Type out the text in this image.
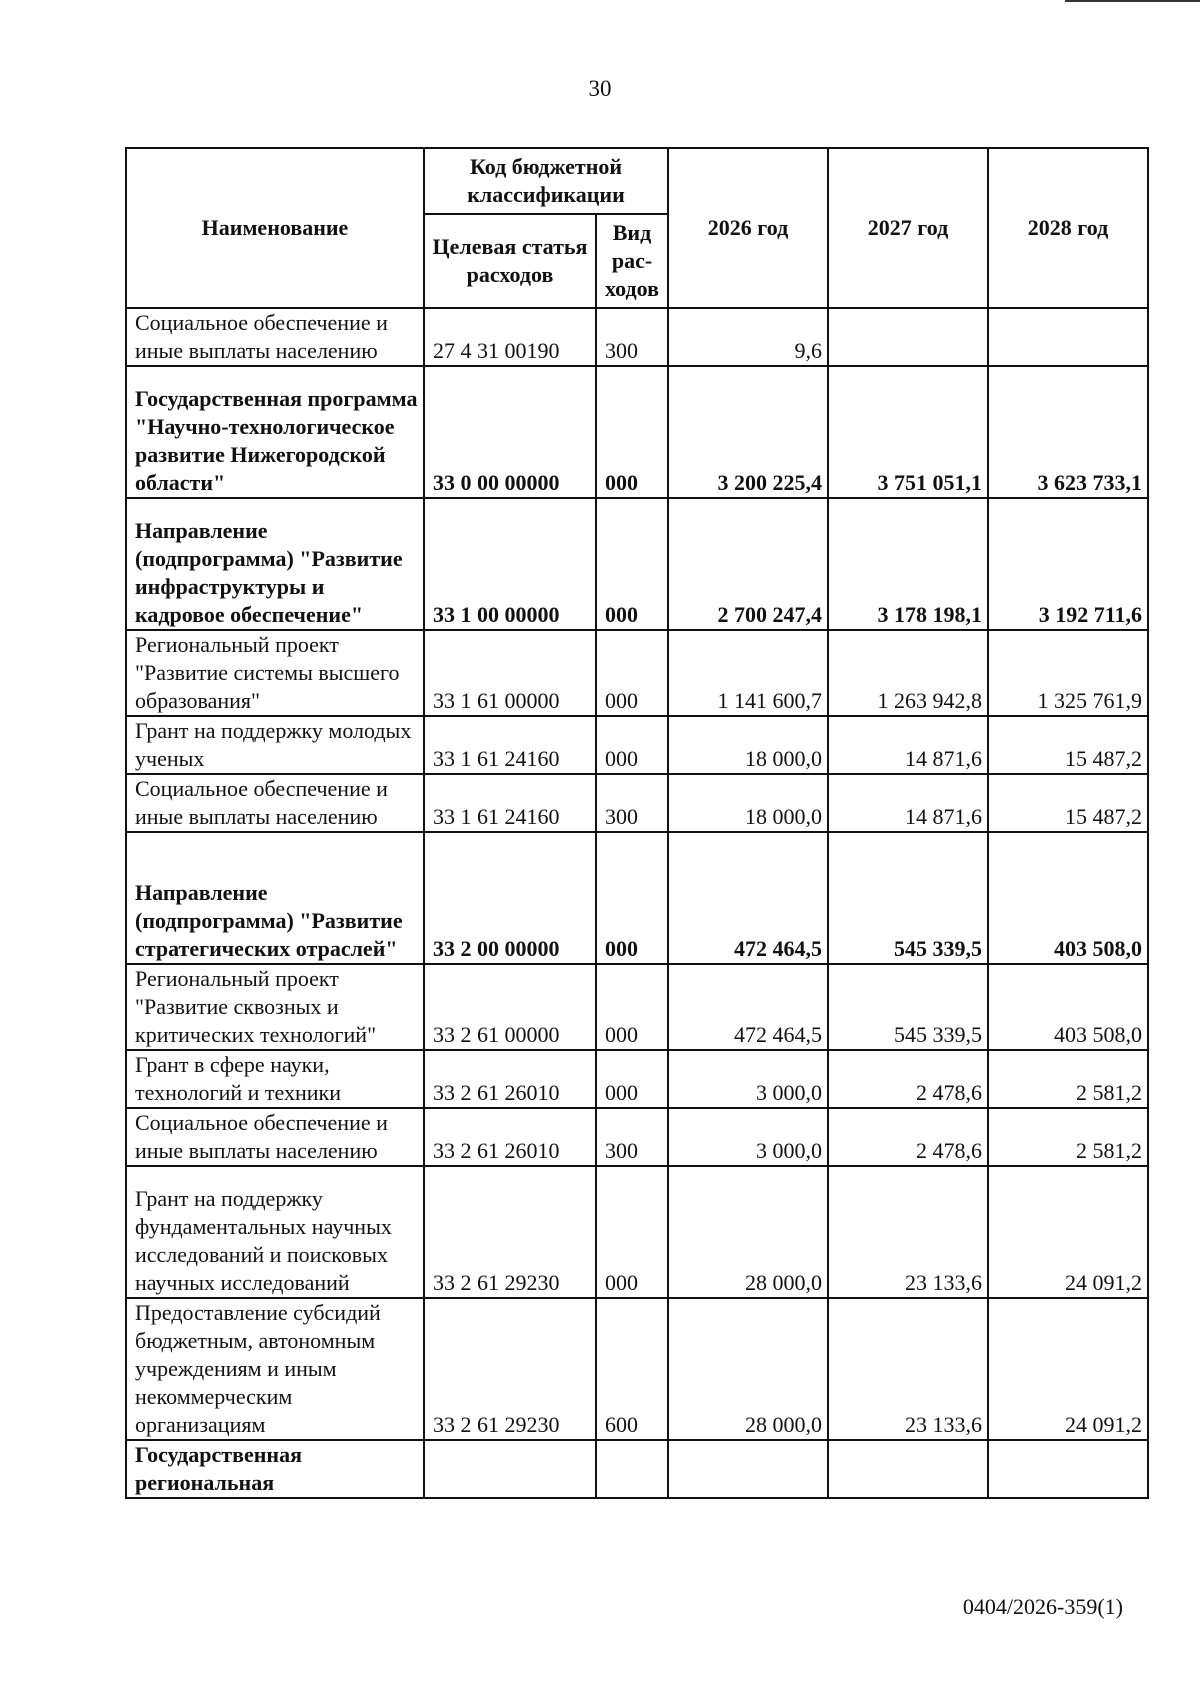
30
Наименование	Код бюджетной классификации		2026 год	2027 год	2028 год
	Целевая статья расходов	Вид рас-ходов			
Социальное обеспечение и иные выплаты населению	27 4 31 00190	300	9,6		
Государственная программа "Научно-технологическое развитие Нижегородской области"	33 0 00 00000	000	3 200 225,4	3 751 051,1	3 623 733,1
Направление (подпрограмма) "Развитие инфраструктуры и кадровое обеспечение"	33 1 00 00000	000	2 700 247,4	3 178 198,1	3 192 711,6
Региональный проект "Развитие системы высшего образования"	33 1 61 00000	000	1 141 600,7	1 263 942,8	1 325 761,9
Грант на поддержку молодых ученых	33 1 61 24160	000	18 000,0	14 871,6	15 487,2
Социальное обеспечение и иные выплаты населению	33 1 61 24160	300	18 000,0	14 871,6	15 487,2
Направление (подпрограмма) "Развитие стратегических отраслей"	33 2 00 00000	000	472 464,5	545 339,5	403 508,0
Региональный проект "Развитие сквозных и критических технологий"	33 2 61 00000	000	472 464,5	545 339,5	403 508,0
Грант в сфере науки, технологий и техники	33 2 61 26010	000	3 000,0	2 478,6	2 581,2
Социальное обеспечение и иные выплаты населению	33 2 61 26010	300	3 000,0	2 478,6	2 581,2
Грант на поддержку фундаментальных научных исследований и поисковых научных исследований	33 2 61 29230	000	28 000,0	23 133,6	24 091,2
Предоставление субсидий бюджетным, автономным учреждениям и иным некоммерческим организациям	33 2 61 29230	600	28 000,0	23 133,6	24 091,2
Государственная региональная					
0404/2026-359(1)
